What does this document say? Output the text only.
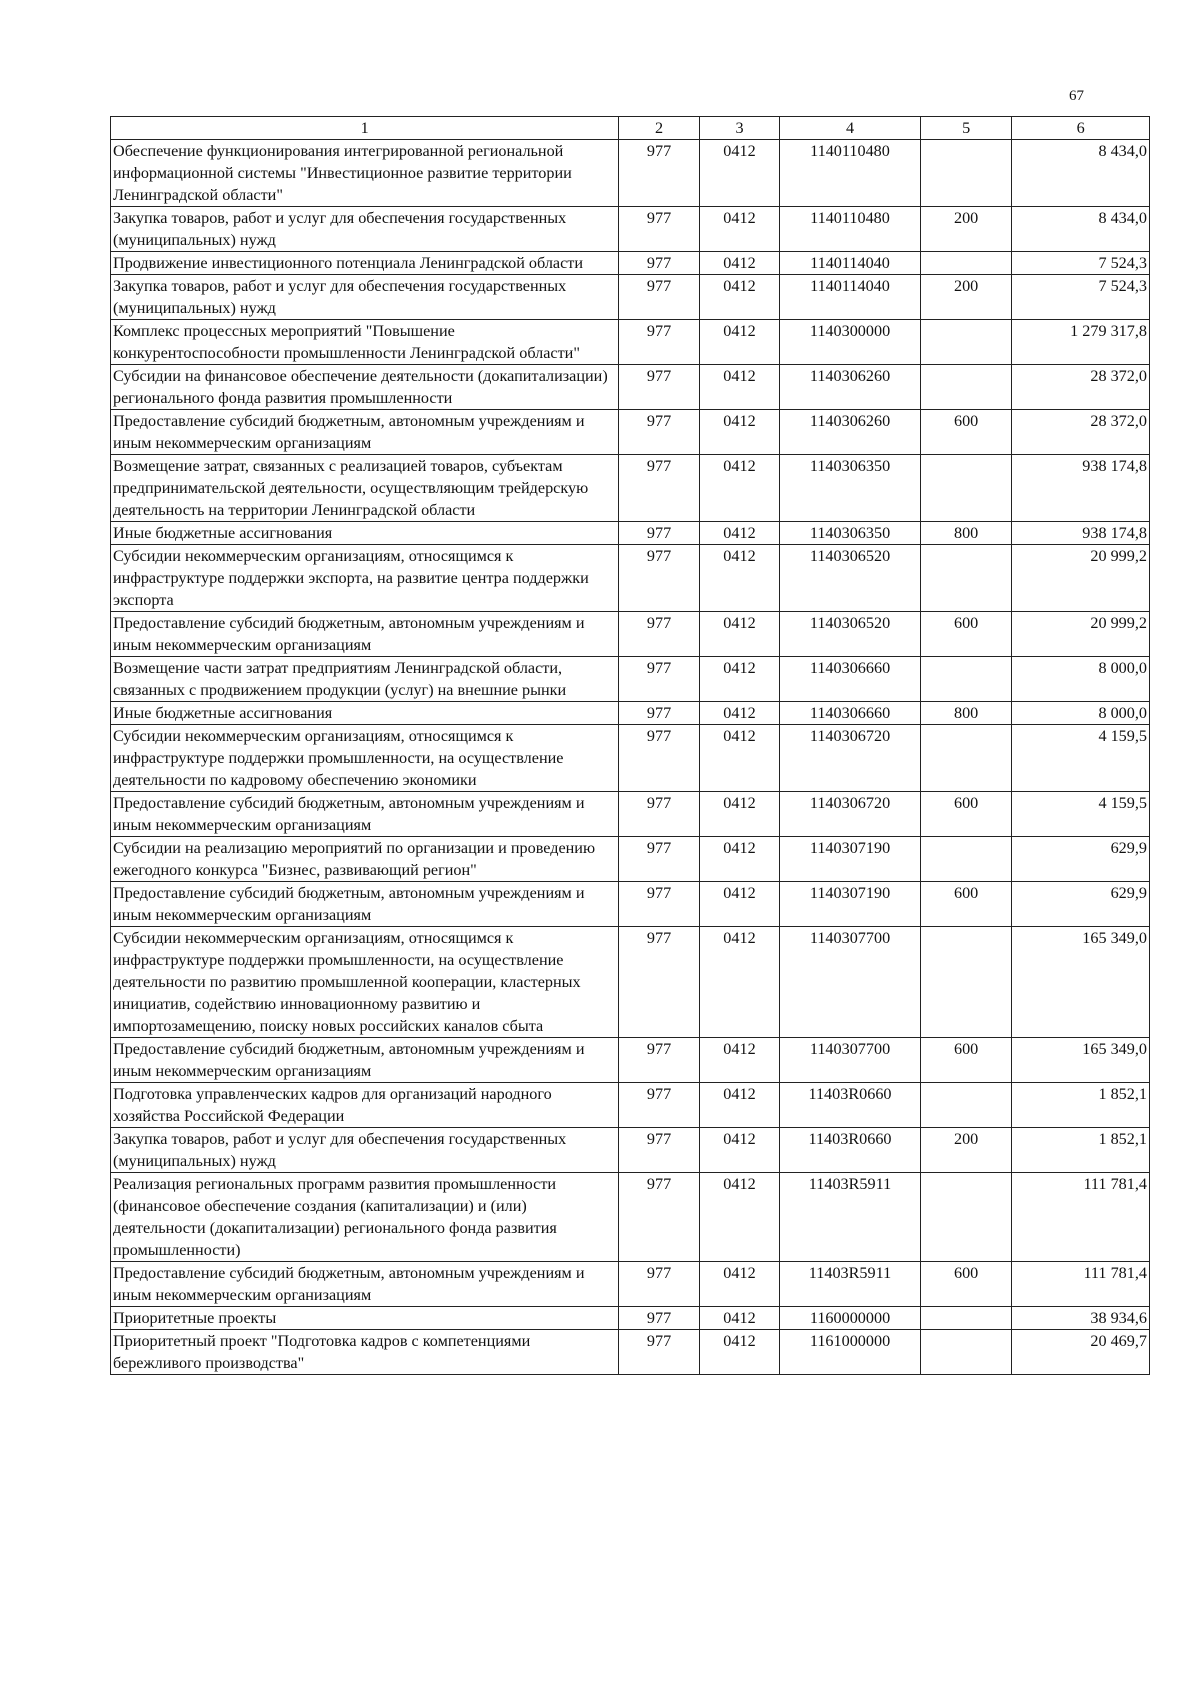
67
1	2	3	4	5	6
Обеспечение функционирования интегрированной региональной информационной системы "Инвестиционное развитие территории Ленинградской области"	977	0412	1140110480		8 434,0
Закупка товаров, работ и услуг для обеспечения государственных (муниципальных) нужд	977	0412	1140110480	200	8 434,0
Продвижение инвестиционного потенциала Ленинградской области	977	0412	1140114040		7 524,3
Закупка товаров, работ и услуг для обеспечения государственных (муниципальных) нужд	977	0412	1140114040	200	7 524,3
Комплекс процессных мероприятий "Повышение конкурентоспособности промышленности Ленинградской области"	977	0412	1140300000		1 279 317,8
Субсидии на финансовое обеспечение деятельности (докапитализации) регионального фонда развития промышленности	977	0412	1140306260		28 372,0
Предоставление субсидий бюджетным, автономным учреждениям и иным некоммерческим организациям	977	0412	1140306260	600	28 372,0
Возмещение затрат, связанных с реализацией товаров, субъектам предпринимательской деятельности, осуществляющим трейдерскую деятельность на территории Ленинградской области	977	0412	1140306350		938 174,8
Иные бюджетные ассигнования	977	0412	1140306350	800	938 174,8
Субсидии некоммерческим организациям, относящимся к инфраструктуре поддержки экспорта, на развитие центра поддержки экспорта	977	0412	1140306520		20 999,2
Предоставление субсидий бюджетным, автономным учреждениям и иным некоммерческим организациям	977	0412	1140306520	600	20 999,2
Возмещение части затрат предприятиям Ленинградской области, связанных с продвижением продукции (услуг) на внешние рынки	977	0412	1140306660		8 000,0
Иные бюджетные ассигнования	977	0412	1140306660	800	8 000,0
Субсидии некоммерческим организациям, относящимся к инфраструктуре поддержки промышленности, на осуществление деятельности по кадровому обеспечению экономики	977	0412	1140306720		4 159,5
Предоставление субсидий бюджетным, автономным учреждениям и иным некоммерческим организациям	977	0412	1140306720	600	4 159,5
Субсидии на реализацию мероприятий по организации и проведению ежегодного конкурса "Бизнес, развивающий регион"	977	0412	1140307190		629,9
Предоставление субсидий бюджетным, автономным учреждениям и иным некоммерческим организациям	977	0412	1140307190	600	629,9
Субсидии некоммерческим организациям, относящимся к инфраструктуре поддержки промышленности, на осуществление деятельности по развитию промышленной кооперации, кластерных инициатив, содействию инновационному развитию и импортозамещению, поиску новых российских каналов сбыта	977	0412	1140307700		165 349,0
Предоставление субсидий бюджетным, автономным учреждениям и иным некоммерческим организациям	977	0412	1140307700	600	165 349,0
Подготовка управленческих кадров для организаций народного хозяйства Российской Федерации	977	0412	11403R0660		1 852,1
Закупка товаров, работ и услуг для обеспечения государственных (муниципальных) нужд	977	0412	11403R0660	200	1 852,1
Реализация региональных программ развития промышленности (финансовое обеспечение создания (капитализации) и (или) деятельности (докапитализации) регионального фонда развития промышленности)	977	0412	11403R5911		111 781,4
Предоставление субсидий бюджетным, автономным учреждениям и иным некоммерческим организациям	977	0412	11403R5911	600	111 781,4
Приоритетные проекты	977	0412	1160000000		38 934,6
Приоритетный проект "Подготовка кадров с компетенциями бережливого производства"	977	0412	1161000000		20 469,7
